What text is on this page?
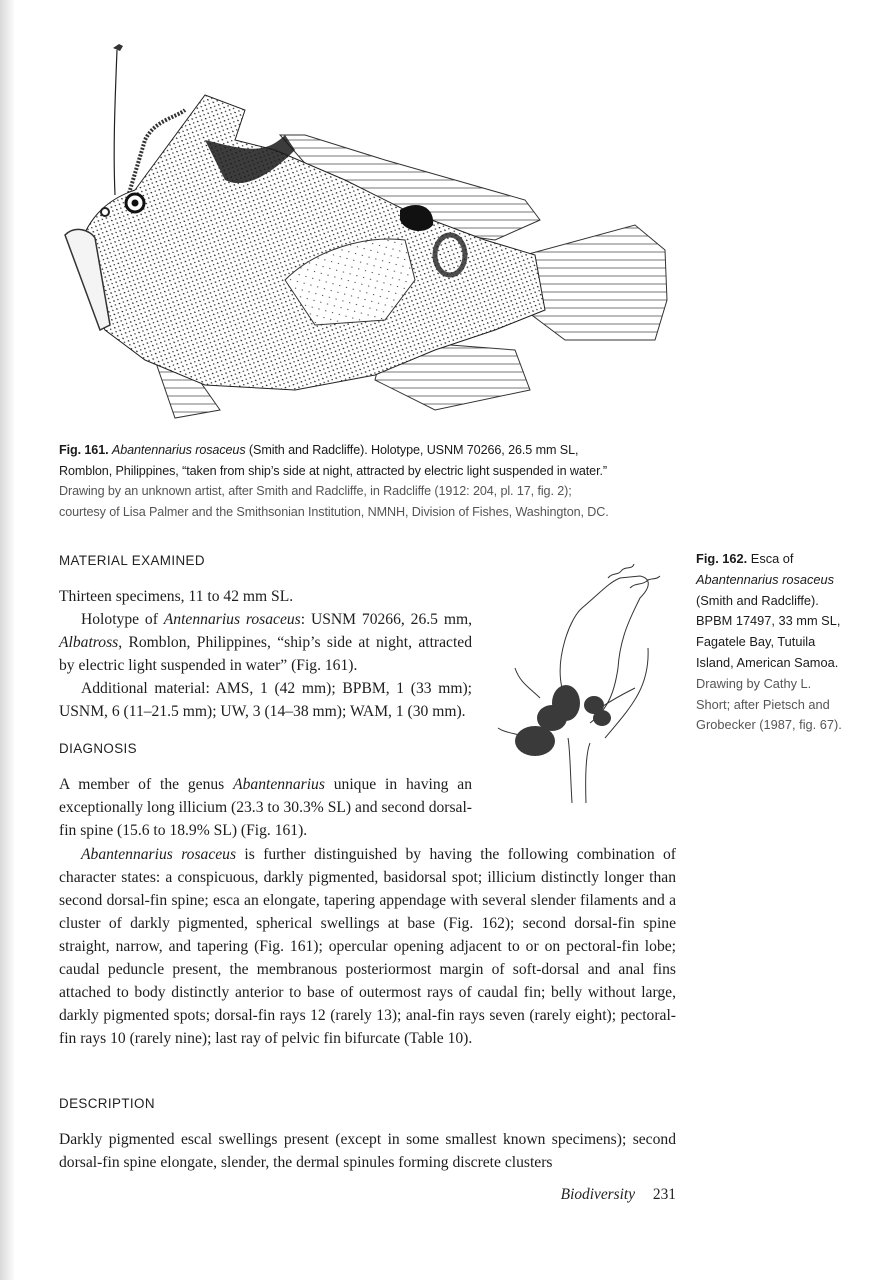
Fig. 161. Abantennarius rosaceus (Smith and Radcliffe). Holotype, USNM 70266, 26.5 mm SL,
Romblon, Philippines, “taken from ship’s side at night, attracted by electric light suspended in water.”
Drawing by an unknown artist, after Smith and Radcliffe, in Radcliffe (1912: 204, pl. 17, fig. 2);
courtesy of Lisa Palmer and the Smithsonian Institution, NMNH, Division of Fishes, Washington, DC.
Fig. 162. Esca of Abantennarius rosaceus (Smith and Radcliffe). BPBM 17497, 33 mm SL, Fagatele Bay, Tutuila Island, American Samoa. Drawing by Cathy L. Short; after Pietsch and Grobecker (1987, fig. 67).
MATERIAL EXAMINED

Thirteen specimens, 11 to 42 mm SL.

Holotype of Antennarius rosaceus: USNM 70266, 26.5 mm, Albatross, Romblon, Philippines, “ship’s side at night, attracted by electric light suspended in water” (Fig. 161).

Additional material: AMS, 1 (42 mm); BPBM, 1 (33 mm); USNM, 6 (11–21.5 mm); UW, 3 (14–38 mm); WAM, 1 (30 mm).

DIAGNOSIS

A member of the genus Abantennarius unique in having an exceptionally long illicium (23.3 to 30.3% SL) and second dorsal-fin spine (15.6 to 18.9% SL) (Fig. 161).

Abantennarius rosaceus is further distinguished by having the following combination of character states: a conspicuous, darkly pigmented, basidorsal spot; illicium distinctly longer than second dorsal-fin spine; esca an elongate, tapering appendage with several slender filaments and a cluster of darkly pigmented, spherical swellings at base (Fig. 162); second dorsal-fin spine straight, narrow, and tapering (Fig. 161); opercular opening adjacent to or on pectoral-fin lobe; caudal peduncle present, the membranous posteriormost margin of soft-dorsal and anal fins attached to body distinctly anterior to base of outermost rays of caudal fin; belly without large, darkly pigmented spots; dorsal-fin rays 12 (rarely 13); anal-fin rays seven (rarely eight); pectoral-fin rays 10 (rarely nine); last ray of pelvic fin bifurcate (Table 10).

DESCRIPTION

Darkly pigmented escal swellings present (except in some smallest known specimens); second dorsal-fin spine elongate, slender, the dermal spinules forming discrete clusters

Biodiversity 231
